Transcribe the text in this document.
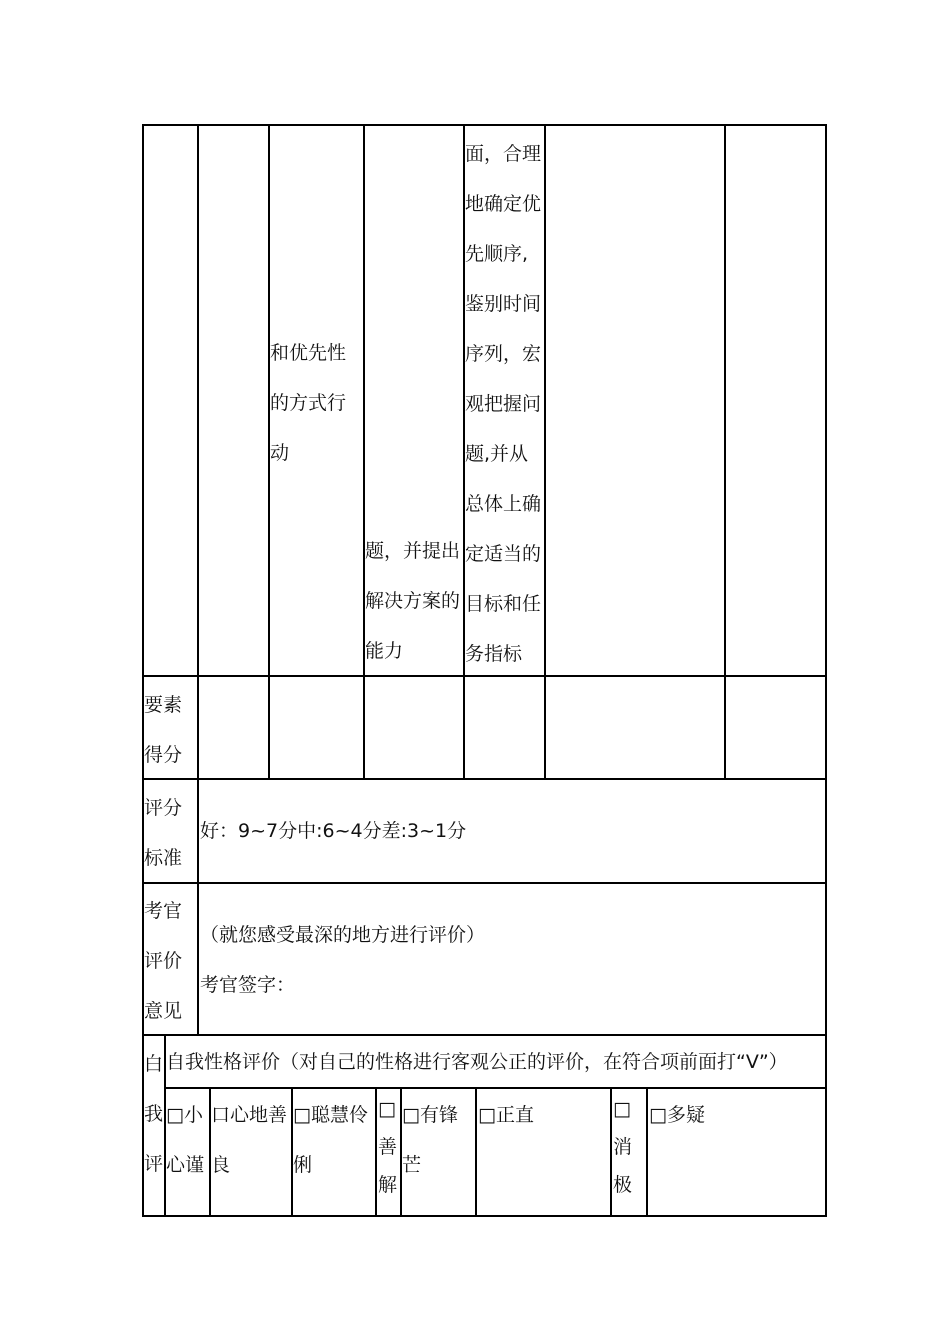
和优先性
的方式行
动
题，并提出
解决方案的
能力
面，合理
地确定优
先顺序,
鉴别时间
序列，宏
观把握问
题,并从
总体上确
定适当的
目标和任
务指标
要素
得分
评分
标准
好：9~7分中:6~4分差:3~1分
考官
评价
意见
（就您感受最深的地方进行评价）
考官签字：
白
我
评
自我性格评价（对自己的性格进行客观公正的评价，在符合项前面打“V”）
□小
心谨
口心地善
良
□聪慧伶
俐
□
善
解
□有锋
芒
□正直	□
消
极
□多疑
